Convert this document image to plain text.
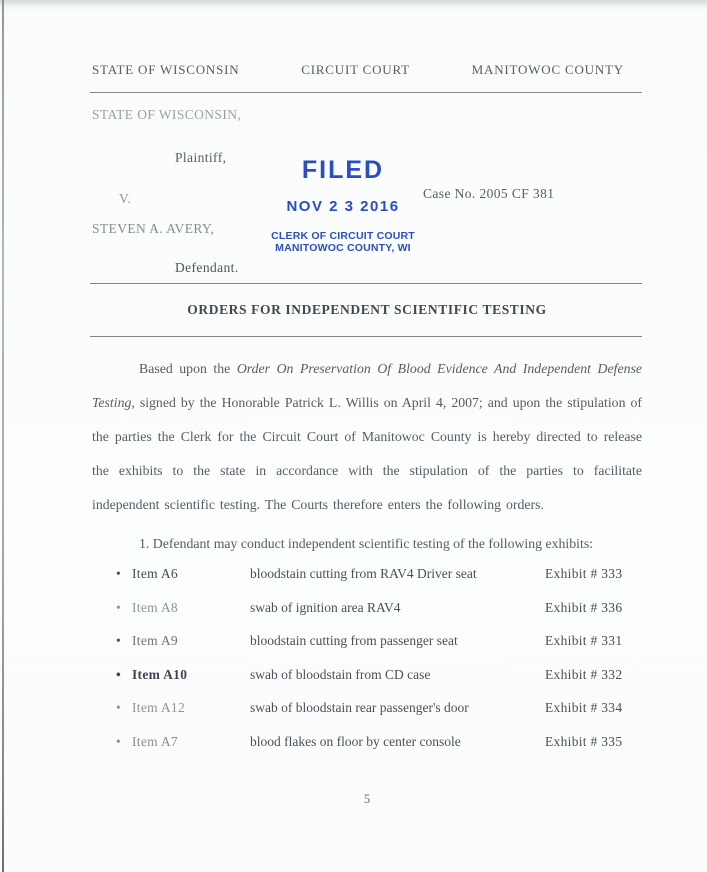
STATE OF WISCONSIN	CIRCUIT COURT	MANITOWOC COUNTY
STATE OF WISCONSIN,
Plaintiff,
V.
STEVEN A. AVERY,
Defendant.
Case No. 2005 CF 381
FILED
NOV 2 3 2016
CLERK OF CIRCUIT COURT
MANITOWOC COUNTY, WI
ORDERS FOR INDEPENDENT SCIENTIFIC TESTING
Based upon the Order On Preservation Of Blood Evidence And Independent Defense Testing, signed by the Honorable Patrick L. Willis on April 4, 2007; and upon the stipulation of the parties the Clerk for the Circuit Court of Manitowoc County is hereby directed to release the exhibits to the state in accordance with the stipulation of the parties to facilitate independent scientific testing. The Courts therefore enters the following orders.
1. Defendant may conduct independent scientific testing of the following exhibits:
• Item A6	bloodstain cutting from RAV4 Driver seat	Exhibit # 333
• Item A8	swab of ignition area RAV4	Exhibit # 336
• Item A9	bloodstain cutting from passenger seat	Exhibit # 331
• Item A10	swab of bloodstain from CD case	Exhibit # 332
• Item A12	swab of bloodstain rear passenger's door	Exhibit # 334
• Item A7	blood flakes on floor by center console	Exhibit # 335
5
